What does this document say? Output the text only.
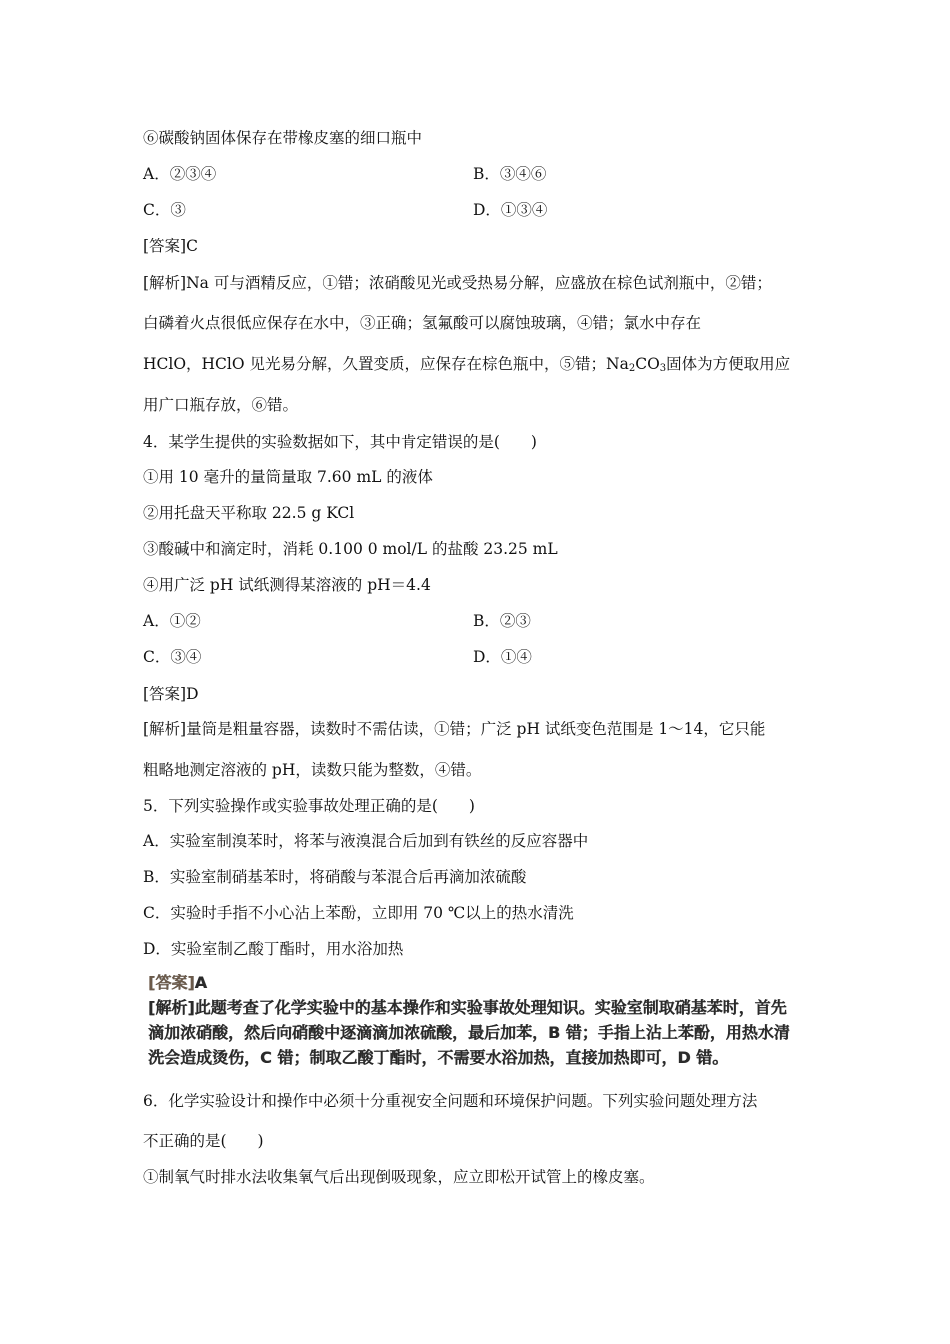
⑥碳酸钠固体保存在带橡皮塞的细口瓶中
A．②③④	B．③④⑥
C．③	D．①③④
[答案]C
[解析]Na 可与酒精反应，①错；浓硝酸见光或受热易分解，应盛放在棕色试剂瓶中，②错；
白磷着火点很低应保存在水中，③正确；氢氟酸可以腐蚀玻璃，④错；氯水中存在
HClO，HClO 见光易分解，久置变质，应保存在棕色瓶中，⑤错；$Na_2CO_3$固体为方便取用应
用广口瓶存放，⑥错。
4．某学生提供的实验数据如下，其中肯定错误的是(　　)
①用 10 毫升的量筒量取 7.60 mL 的液体
②用托盘天平称取 22.5 g KCl
③酸碱中和滴定时，消耗 0.100 0 mol/L 的盐酸 23.25 mL
④用广泛 pH 试纸测得某溶液的 pH＝4.4
A．①②	B．②③
C．③④	D．①④
[答案]D
[解析]量筒是粗量容器，读数时不需估读，①错；广泛 pH 试纸变色范围是 1～14，它只能
粗略地测定溶液的 pH，读数只能为整数，④错。
5．下列实验操作或实验事故处理正确的是(　　)
A．实验室制溴苯时，将苯与液溴混合后加到有铁丝的反应容器中
B．实验室制硝基苯时，将硝酸与苯混合后再滴加浓硫酸
C．实验时手指不小心沾上苯酚，立即用 70 ℃以上的热水清洗
D．实验室制乙酸丁酯时，用水浴加热
[答案]A
[解析]此题考查了化学实验中的基本操作和实验事故处理知识。实验室制取硝基苯时，首先
滴加浓硝酸，然后向硝酸中逐滴滴加浓硫酸，最后加苯，B 错；手指上沾上苯酚，用热水清
洗会造成烫伤，C 错；制取乙酸丁酯时，不需要水浴加热，直接加热即可，D 错。
6．化学实验设计和操作中必须十分重视安全问题和环境保护问题。下列实验问题处理方法
不正确的是(　　)
①制氧气时排水法收集氧气后出现倒吸现象，应立即松开试管上的橡皮塞。
